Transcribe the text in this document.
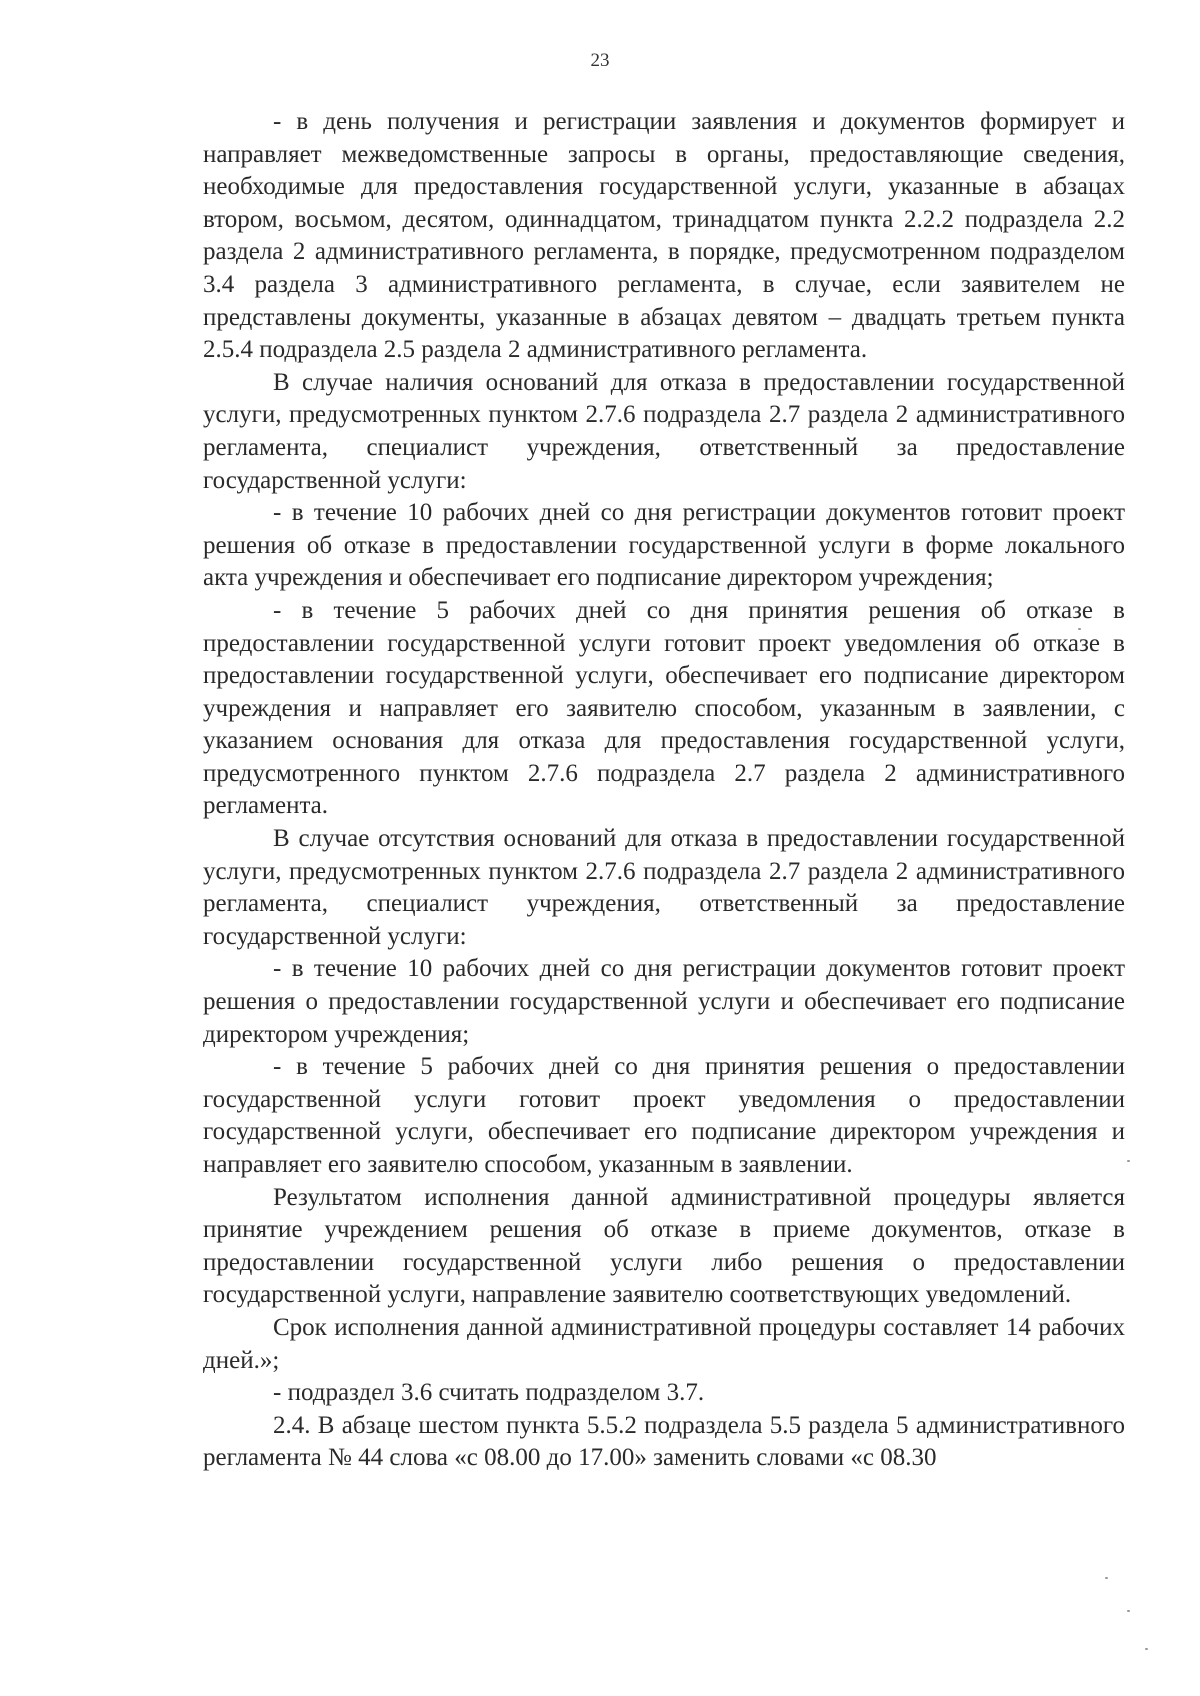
23

- в день получения и регистрации заявления и документов формирует и направляет межведомственные запросы в органы, предоставляющие сведения, необходимые для предоставления государственной услуги, указанные в абзацах втором, восьмом, десятом, одиннадцатом, тринадцатом пункта 2.2.2 подраздела 2.2 раздела 2 административного регламента, в порядке, предусмотренном подразделом 3.4 раздела 3 административного регламента, в случае, если заявителем не представлены документы, указанные в абзацах девятом – двадцать третьем пункта 2.5.4 подраздела 2.5 раздела 2 административного регламента.

В случае наличия оснований для отказа в предоставлении государственной услуги, предусмотренных пунктом 2.7.6 подраздела 2.7 раздела 2 административного регламента, специалист учреждения, ответственный за предоставление государственной услуги:

- в течение 10 рабочих дней со дня регистрации документов готовит проект решения об отказе в предоставлении государственной услуги в форме локального акта учреждения и обеспечивает его подписание директором учреждения;

- в течение 5 рабочих дней со дня принятия решения об отказе в предоставлении государственной услуги готовит проект уведомления об отказе в предоставлении государственной услуги, обеспечивает его подписание директором учреждения и направляет его заявителю способом, указанным в заявлении, с указанием основания для отказа для предоставления государственной услуги, предусмотренного пунктом 2.7.6 подраздела 2.7 раздела 2 административного регламента.

В случае отсутствия оснований для отказа в предоставлении государственной услуги, предусмотренных пунктом 2.7.6 подраздела 2.7 раздела 2 административного регламента, специалист учреждения, ответственный за предоставление государственной услуги:

- в течение 10 рабочих дней со дня регистрации документов готовит проект решения о предоставлении государственной услуги и обеспечивает его подписание директором учреждения;

- в течение 5 рабочих дней со дня принятия решения о предоставлении государственной услуги готовит проект уведомления о предоставлении государственной услуги, обеспечивает его подписание директором учреждения и направляет его заявителю способом, указанным в заявлении.

Результатом исполнения данной административной процедуры является принятие учреждением решения об отказе в приеме документов, отказе в предоставлении государственной услуги либо решения о предоставлении государственной услуги, направление заявителю соответствующих уведомлений.

Срок исполнения данной административной процедуры составляет 14 рабочих дней.»;

- подраздел 3.6 считать подразделом 3.7.

2.4. В абзаце шестом пункта 5.5.2 подраздела 5.5 раздела 5 административного регламента № 44 слова «с 08.00 до 17.00» заменить словами «с 08.30
